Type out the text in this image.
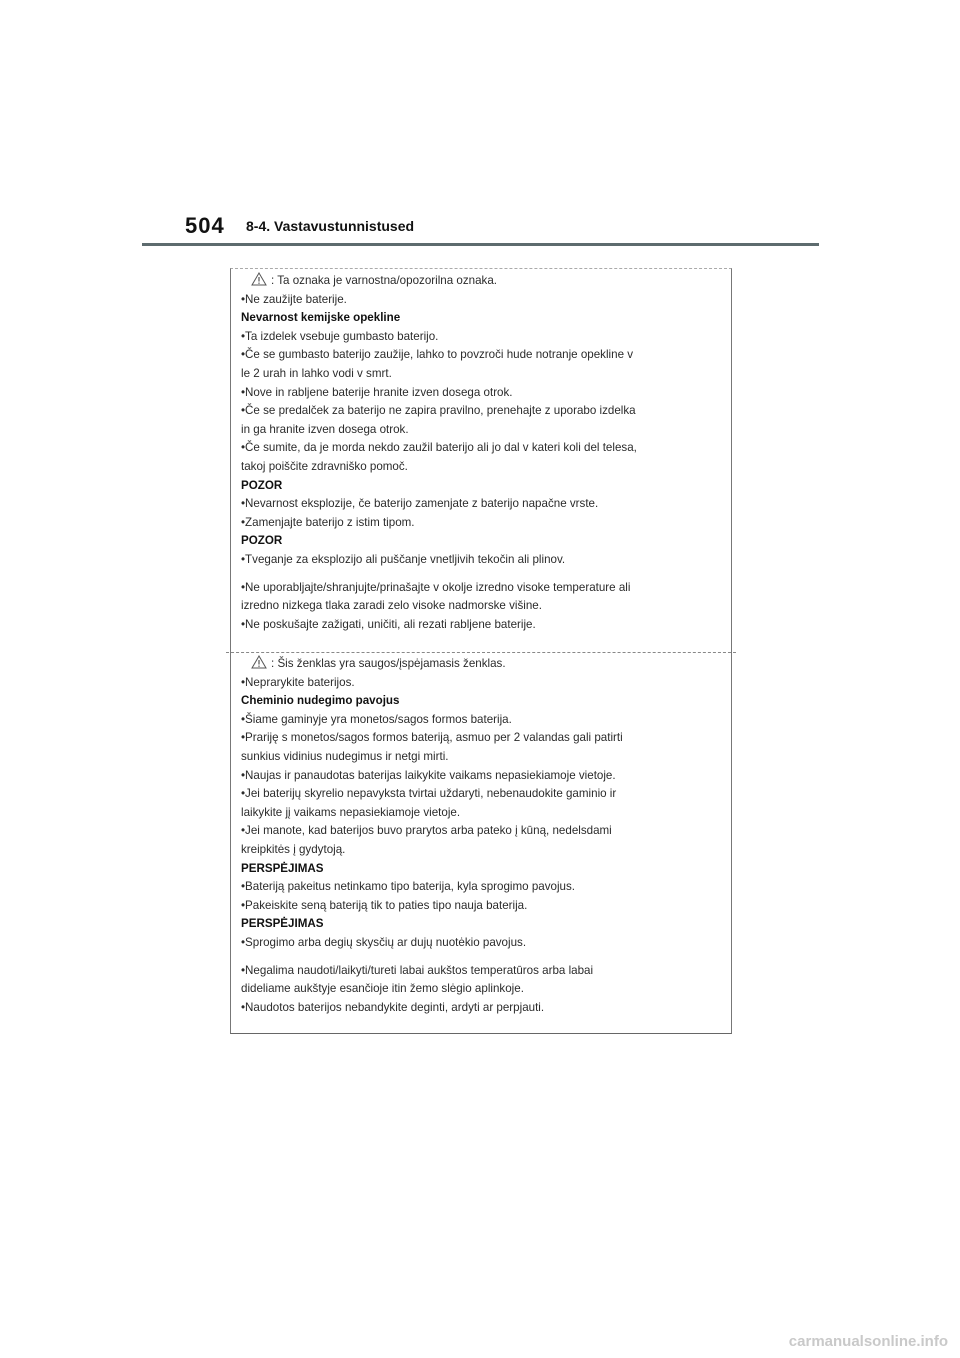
504 8-4. Vastavustunnistused
: Ta oznaka je varnostna/opozorilna oznaka.
•Ne zaužijte baterije.
Nevarnost kemijske opekline
•Ta izdelek vsebuje gumbasto baterijo.
•Če se gumbasto baterijo zaužije, lahko to povzroči hude notranje opekline v
le 2 urah in lahko vodi v smrt.
•Nove in rabljene baterije hranite izven dosega otrok.
•Če se predalček za baterijo ne zapira pravilno, prenehajte z uporabo izdelka
in ga hranite izven dosega otrok.
•Če sumite, da je morda nekdo zaužil baterijo ali jo dal v kateri koli del telesa,
takoj poiščite zdravniško pomoč.
POZOR
•Nevarnost eksplozije, če baterijo zamenjate z baterijo napačne vrste.
•Zamenjajte baterijo z istim tipom.
POZOR
•Tveganje za eksplozijo ali puščanje vnetljivih tekočin ali plinov.
•Ne uporabljajte/shranjujte/prinašajte v okolje izredno visoke temperature ali
izredno nizkega tlaka zaradi zelo visoke nadmorske višine.
•Ne poskušajte zažigati, uničiti, ali rezati rabljene baterije.
: Šis ženklas yra saugos/įspėjamasis ženklas.
•Neprarykite baterijos.
Cheminio nudegimo pavojus
•Šiame gaminyje yra monetos/sagos formos baterija.
•Prariję s monetos/sagos formos bateriją, asmuo per 2 valandas gali patirti
sunkius vidinius nudegimus ir netgi mirti.
•Naujas ir panaudotas baterijas laikykite vaikams nepasiekiamoje vietoje.
•Jei baterijų skyrelio nepavyksta tvirtai uždaryti, nebenaudokite gaminio ir
laikykite jį vaikams nepasiekiamoje vietoje.
•Jei manote, kad baterijos buvo prarytos arba pateko į kūną, nedelsdami
kreipkitės į gydytoją.
PERSPĖJIMAS
•Bateriją pakeitus netinkamo tipo baterija, kyla sprogimo pavojus.
•Pakeiskite seną bateriją tik to paties tipo nauja baterija.
PERSPĖJIMAS
•Sprogimo arba degių skysčių ar dujų nuotėkio pavojus.
•Negalima naudoti/laikyti/tureti labai aukštos temperatūros arba labai
dideliame aukštyje esančioje itin žemo slėgio aplinkoje.
•Naudotos baterijos nebandykite deginti, ardyti ar perpjauti.
carmanualsonline.info
